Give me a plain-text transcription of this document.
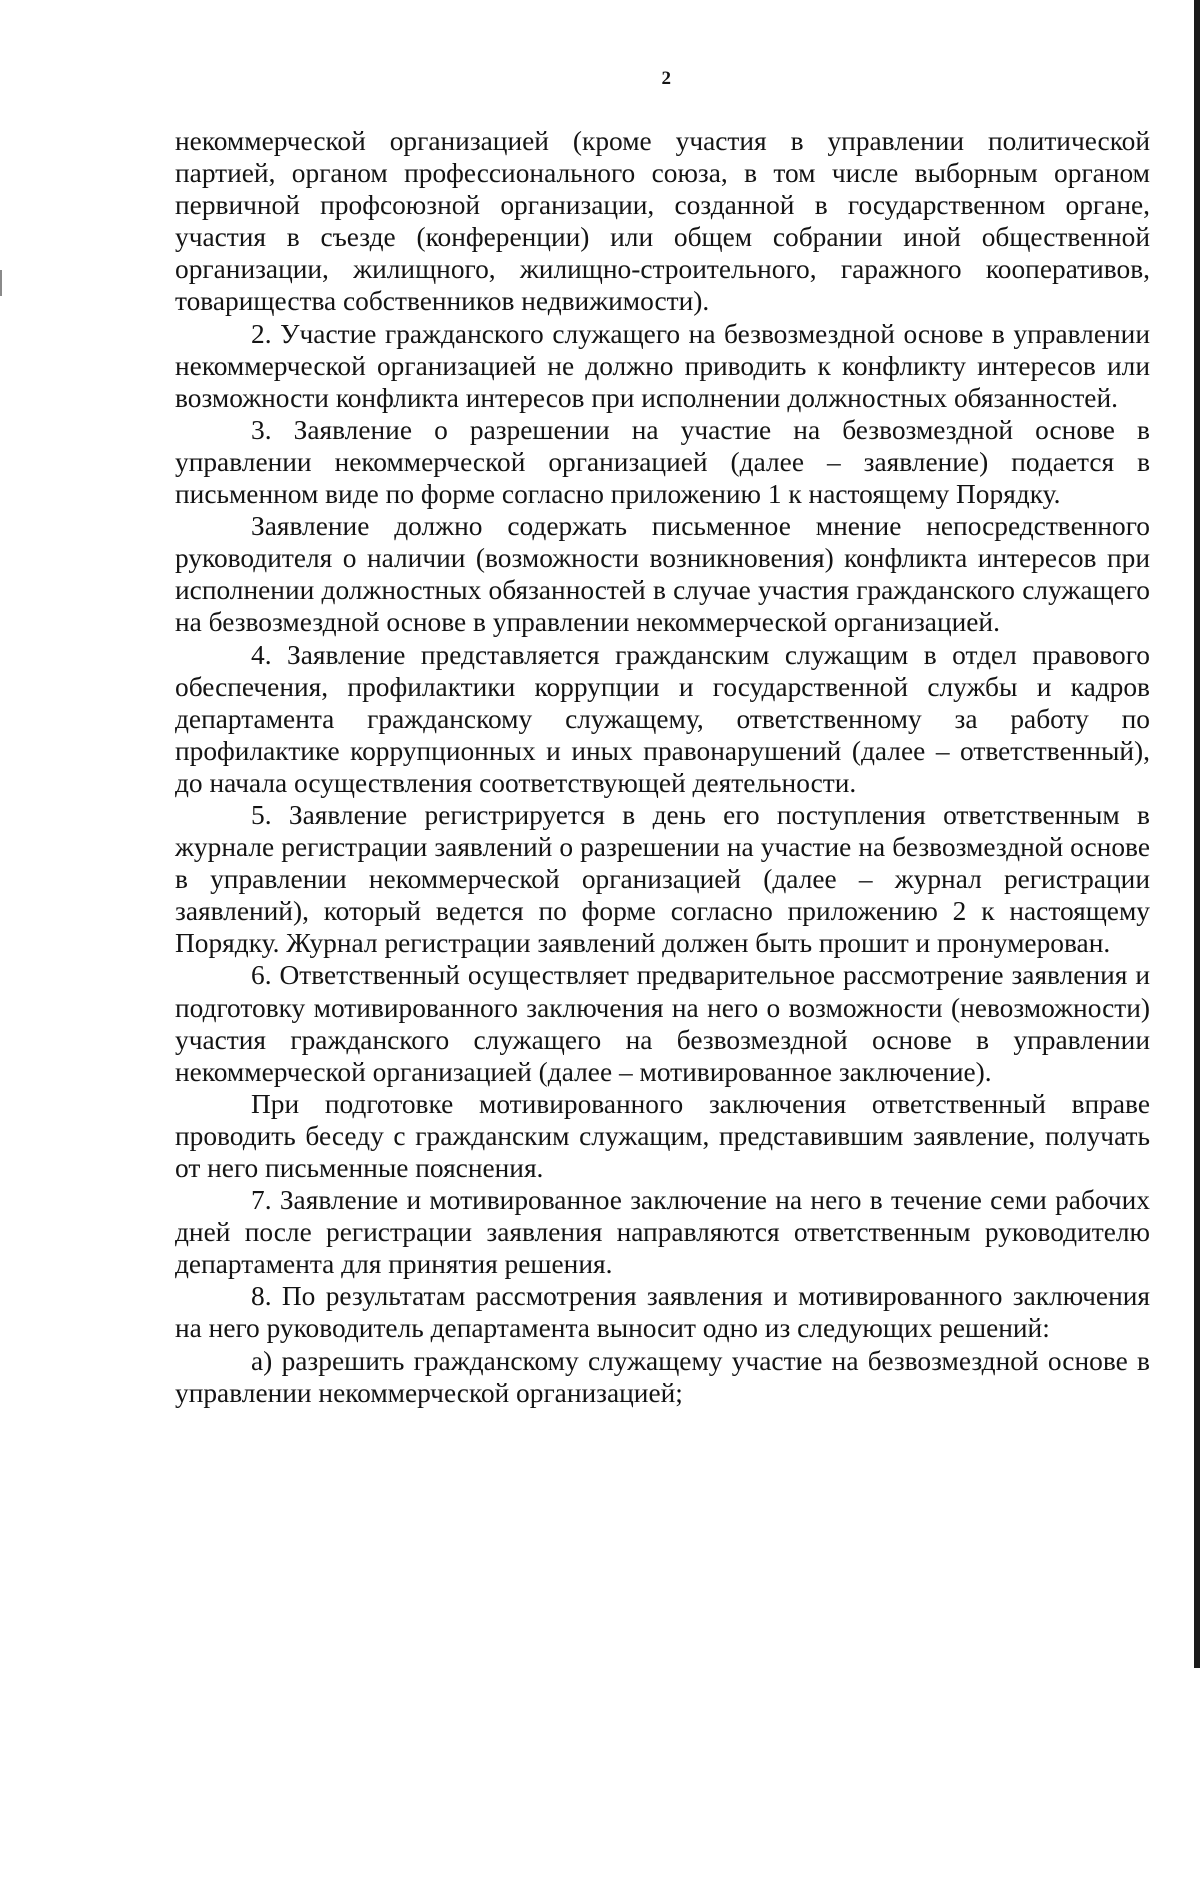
2

некоммерческой организацией (кроме участия в управлении политической партией, органом профессионального союза, в том числе выборным органом первичной профсоюзной организации, созданной в государственном органе, участия в съезде (конференции) или общем собрании иной общественной организации, жилищного, жилищно-строительного, гаражного кооперативов, товарищества собственников недвижимости).

2. Участие гражданского служащего на безвозмездной основе в управлении некоммерческой организацией не должно приводить к конфликту интересов или возможности конфликта интересов при исполнении должностных обязанностей.

3. Заявление о разрешении на участие на безвозмездной основе в управлении некоммерческой организацией (далее – заявление) подается в письменном виде по форме согласно приложению 1 к настоящему Порядку.

Заявление должно содержать письменное мнение непосредственного руководителя о наличии (возможности возникновения) конфликта интересов при исполнении должностных обязанностей в случае участия гражданского служащего на безвозмездной основе в управлении некоммерческой организацией.

4. Заявление представляется гражданским служащим в отдел правового обеспечения, профилактики коррупции и государственной службы и кадров департамента гражданскому служащему, ответственному за работу по профилактике коррупционных и иных правонарушений (далее – ответственный), до начала осуществления соответствующей деятельности.

5. Заявление регистрируется в день его поступления ответственным в журнале регистрации заявлений о разрешении на участие на безвозмездной основе в управлении некоммерческой организацией (далее – журнал регистрации заявлений), который ведется по форме согласно приложению 2 к настоящему Порядку. Журнал регистрации заявлений должен быть прошит и пронумерован.

6. Ответственный осуществляет предварительное рассмотрение заявления и подготовку мотивированного заключения на него о возможности (невозможности) участия гражданского служащего на безвозмездной основе в управлении некоммерческой организацией (далее – мотивированное заключение).

При подготовке мотивированного заключения ответственный вправе проводить беседу с гражданским служащим, представившим заявление, получать от него письменные пояснения.

7. Заявление и мотивированное заключение на него в течение семи рабочих дней после регистрации заявления направляются ответственным руководителю департамента для принятия решения.

8. По результатам рассмотрения заявления и мотивированного заключения на него руководитель департамента выносит одно из следующих решений:

а) разрешить гражданскому служащему участие на безвозмездной основе в управлении некоммерческой организацией;
